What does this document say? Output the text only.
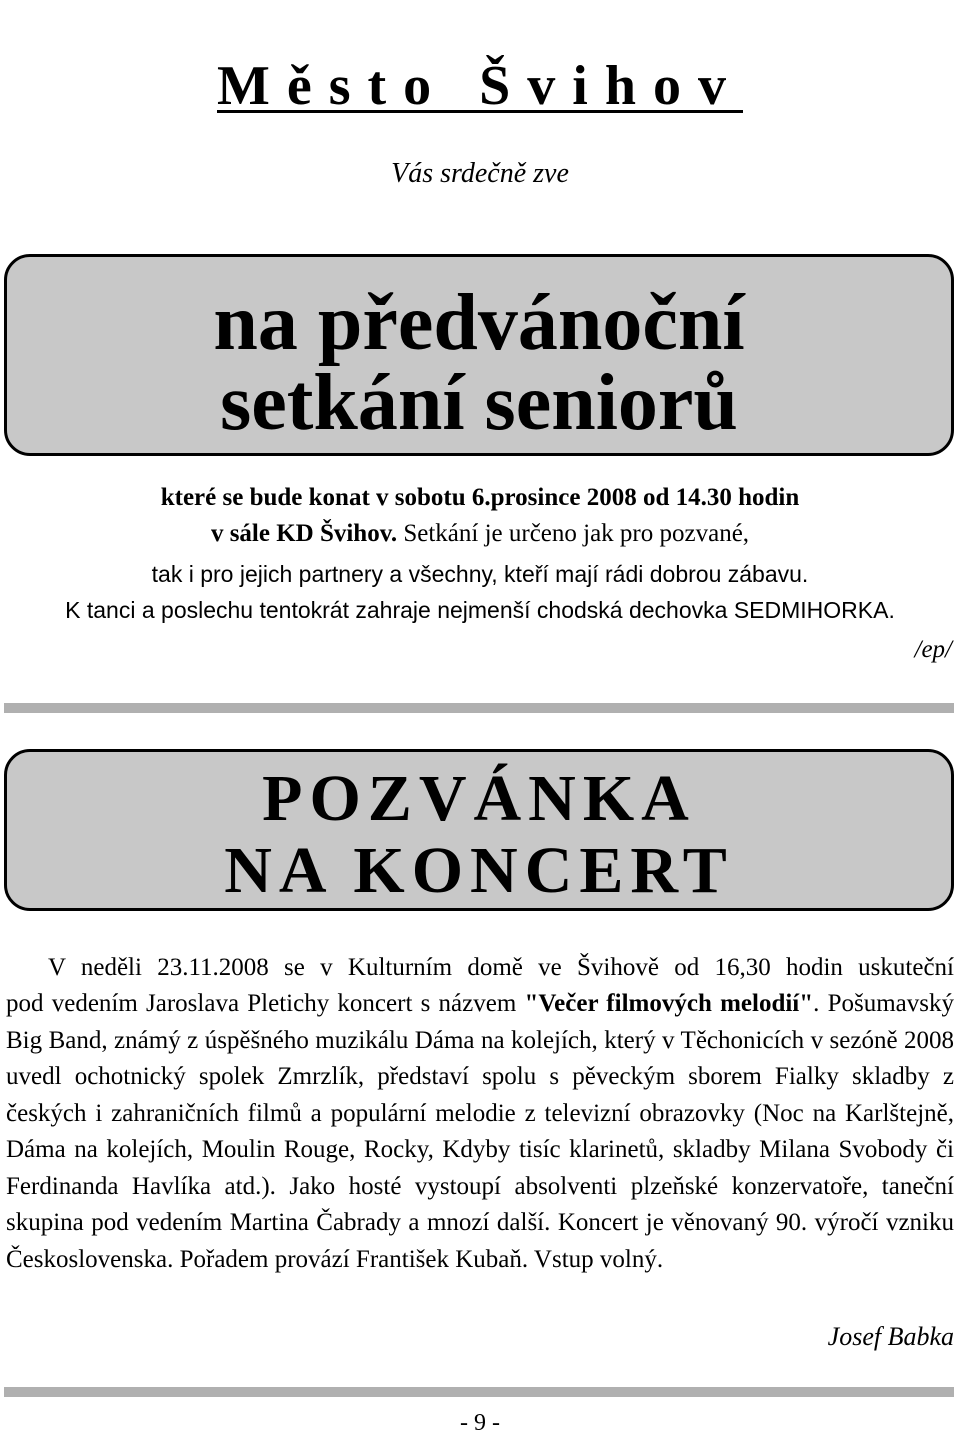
Město Švihov
Vás srdečně zve
na předvánoční
setkání seniorů
které se bude konat v sobotu 6.prosince 2008 od 14.30 hodin
v sále KD Švihov. Setkání je určeno jak pro pozvané,
tak i pro jejich partnery a všechny, kteří mají rádi dobrou zábavu.
K tanci a poslechu tentokrát zahraje nejmenší chodská dechovka SEDMIHORKA.
/ep/
POZVÁNKA
NA KONCERT
V neděli 23.11.2008 se v Kulturním domě ve Švihově od 16,30 hodin uskuteční
pod vedením Jaroslava Pletichy koncert s názvem "Večer filmových melodií". Pošumavský Big Band, známý z úspěšného muzikálu Dáma na kolejích, který v Těchonicích v sezóně 2008 uvedl ochotnický spolek Zmrzlík, představí spolu s pěveckým sborem Fialky skladby z českých i zahraničních filmů a populární melodie z televizní obrazovky (Noc na Karlštejně, Dáma na kolejích, Moulin Rouge, Rocky, Kdyby tisíc klarinetů, skladby Milana Svobody či Ferdinanda Havlíka atd.). Jako hosté vystoupí absolventi plzeňské konzervatoře, taneční skupina pod vedením Martina Čabrady a mnozí další. Koncert je věnovaný 90. výročí vzniku Československa. Pořadem provází František Kubaň. Vstup volný.
Josef Babka
- 9 -
